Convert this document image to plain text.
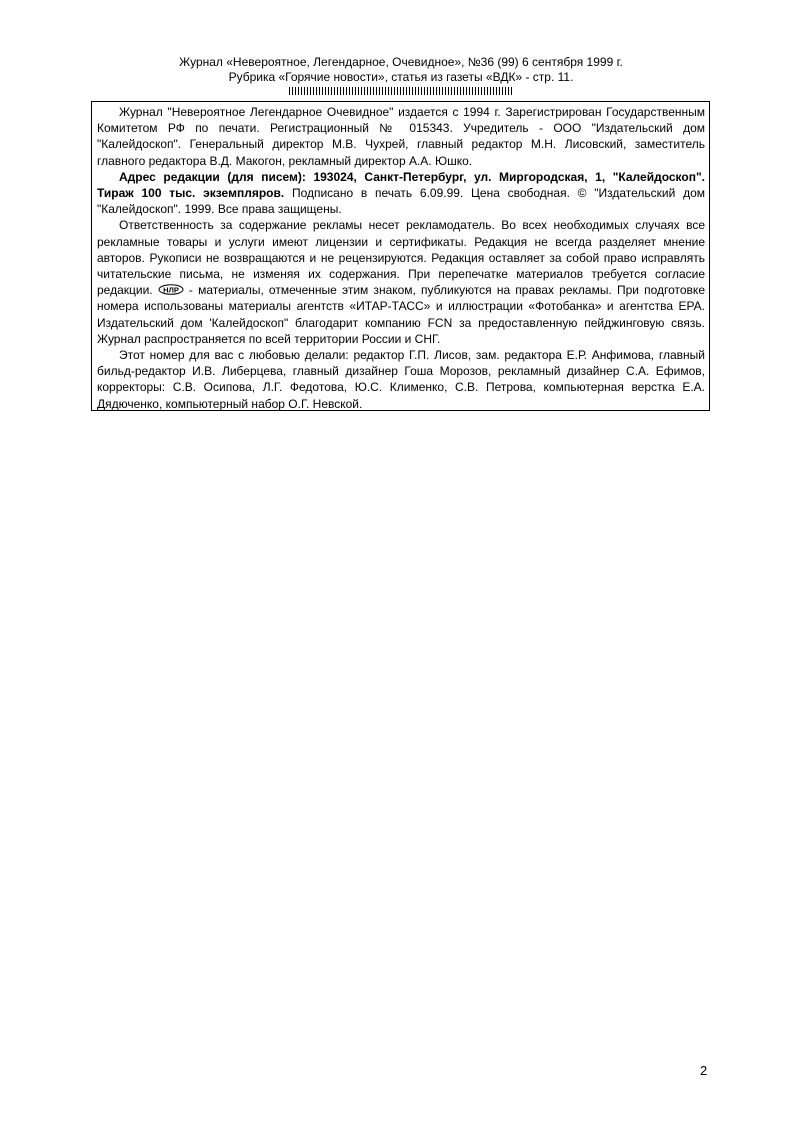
Журнал «Невероятное, Легендарное, Очевидное», №36 (99) 6 сентября 1999 г.
Рубрика «Горячие новости», статья из газеты «ВДК» - стр. 11.

Журнал "Невероятное Легендарное Очевидное" издается с 1994 г. Зарегистрирован Государственным Комитетом РФ по печати. Регистрационный № 015343. Учредитель - ООО "Издательский дом "Калейдоскоп". Генеральный директор М.В. Чухрей, главный редактор М.Н. Лисовский, заместитель главного редактора В.Д. Макогон, рекламный директор А.А. Юшко.

Адрес редакции (для писем): 193024, Санкт-Петербург, ул. Миргородская, 1, "Калейдоскоп". Тираж 100 тыс. экземпляров. Подписано в печать 6.09.99. Цена свободная. © "Издательский дом "Калейдоскоп". 1999. Все права защищены.

Ответственность за содержание рекламы несет рекламодатель. Во всех необходимых случаях все рекламные товары и услуги имеют лицензии и сертификаты. Редакция не всегда разделяет мнение авторов. Рукописи не возвращаются и не рецензируются. Редакция оставляет за собой право исправлять читательские письма, не изменяя их содержания. При перепечатке материалов требуется согласие редакции. НЛР - материалы, отмеченные этим знаком, публикуются на правах рекламы. При подготовке номера использованы материалы агентств «ИТАР-ТАСС» и иллюстрации «Фотобанка» и агентства EPA. Издательский дом 'Калейдоскоп" благодарит компанию FCN за предоставленную пейджинговую связь. Журнал распространяется по всей территории России и СНГ.

Этот номер для вас с любовью делали: редактор Г.П. Лисов, зам. редактора Е.Р. Анфимова, главный бильд-редактор И.В. Либерцева, главный дизайнер Гоша Морозов, рекламный дизайнер С.А. Ефимов, корректоры: С.В. Осипова, Л.Г. Федотова, Ю.С. Клименко, С.В. Петрова, компьютерная верстка Е.А. Дядюченко, компьютерный набор О.Г. Невской.

2
